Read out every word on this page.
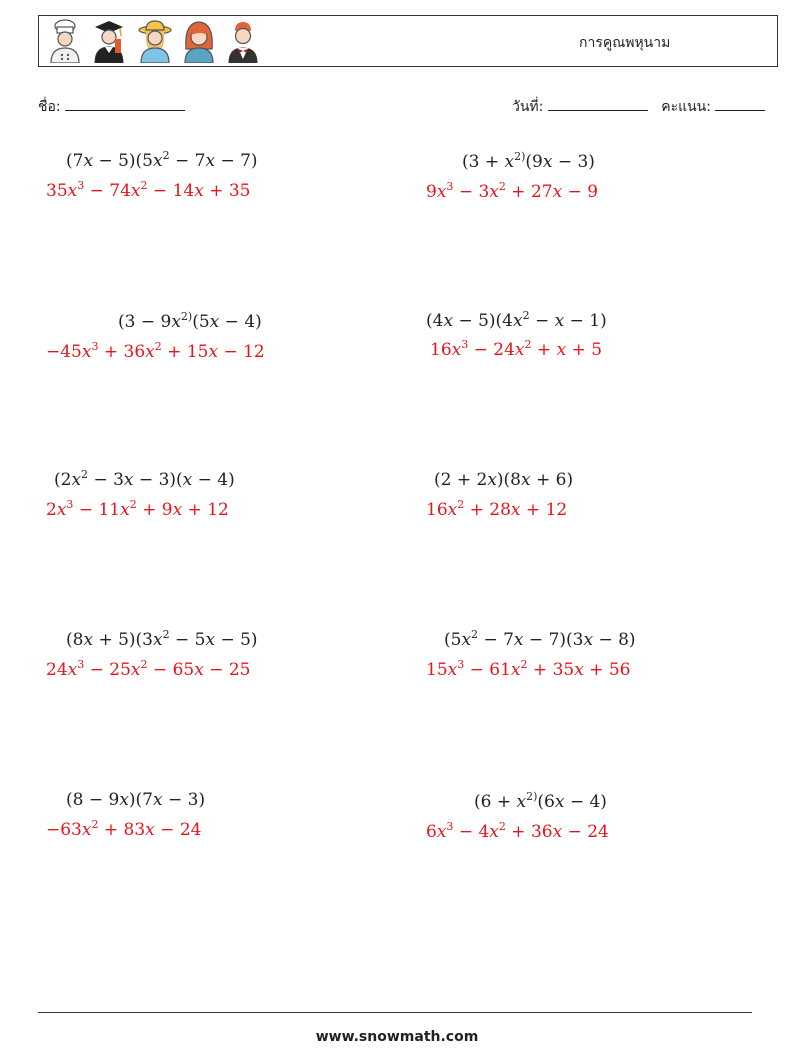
การคูณพหุนาม
ชื่อ:	วันที่:	คะแนน:
$(7x - 5)(5x^2 - 7x - 7)$
$35x^3 - 74x^2 - 14x + 35$
($3 - 9x^{2)}(5x - 4)$
$-45x^3 + 36x^2 + 15x - 12$
$(2x^2 - 3x - 3)(x - 4)$
$2x^3 - 11x^2 + 9x + 12$
$(8x + 5)(3x^2 - 5x - 5)$
$24x^3 - 25x^2 - 65x - 25$
(8 − 9x)(7x − 3)
$-63x^2 + 83x - 24$
($3 + x^{2)}(9x - 3)$
$9x^3 - 3x^2 + 27x - 9$
$(4x - 5)(4x^2 - x - 1)$
$16x^3 - 24x^2 + x + 5$
(2 + 2x)(8x + 6)
$16x^2 + 28x + 12$
$(5x^2 - 7x - 7)(3x - 8)$
$15x^3 - 61x^2 + 35x + 56$
($6 + x^{2)}(6x - 4)$
$6x^3 - 4x^2 + 36x - 24$
www.snowmath.com
